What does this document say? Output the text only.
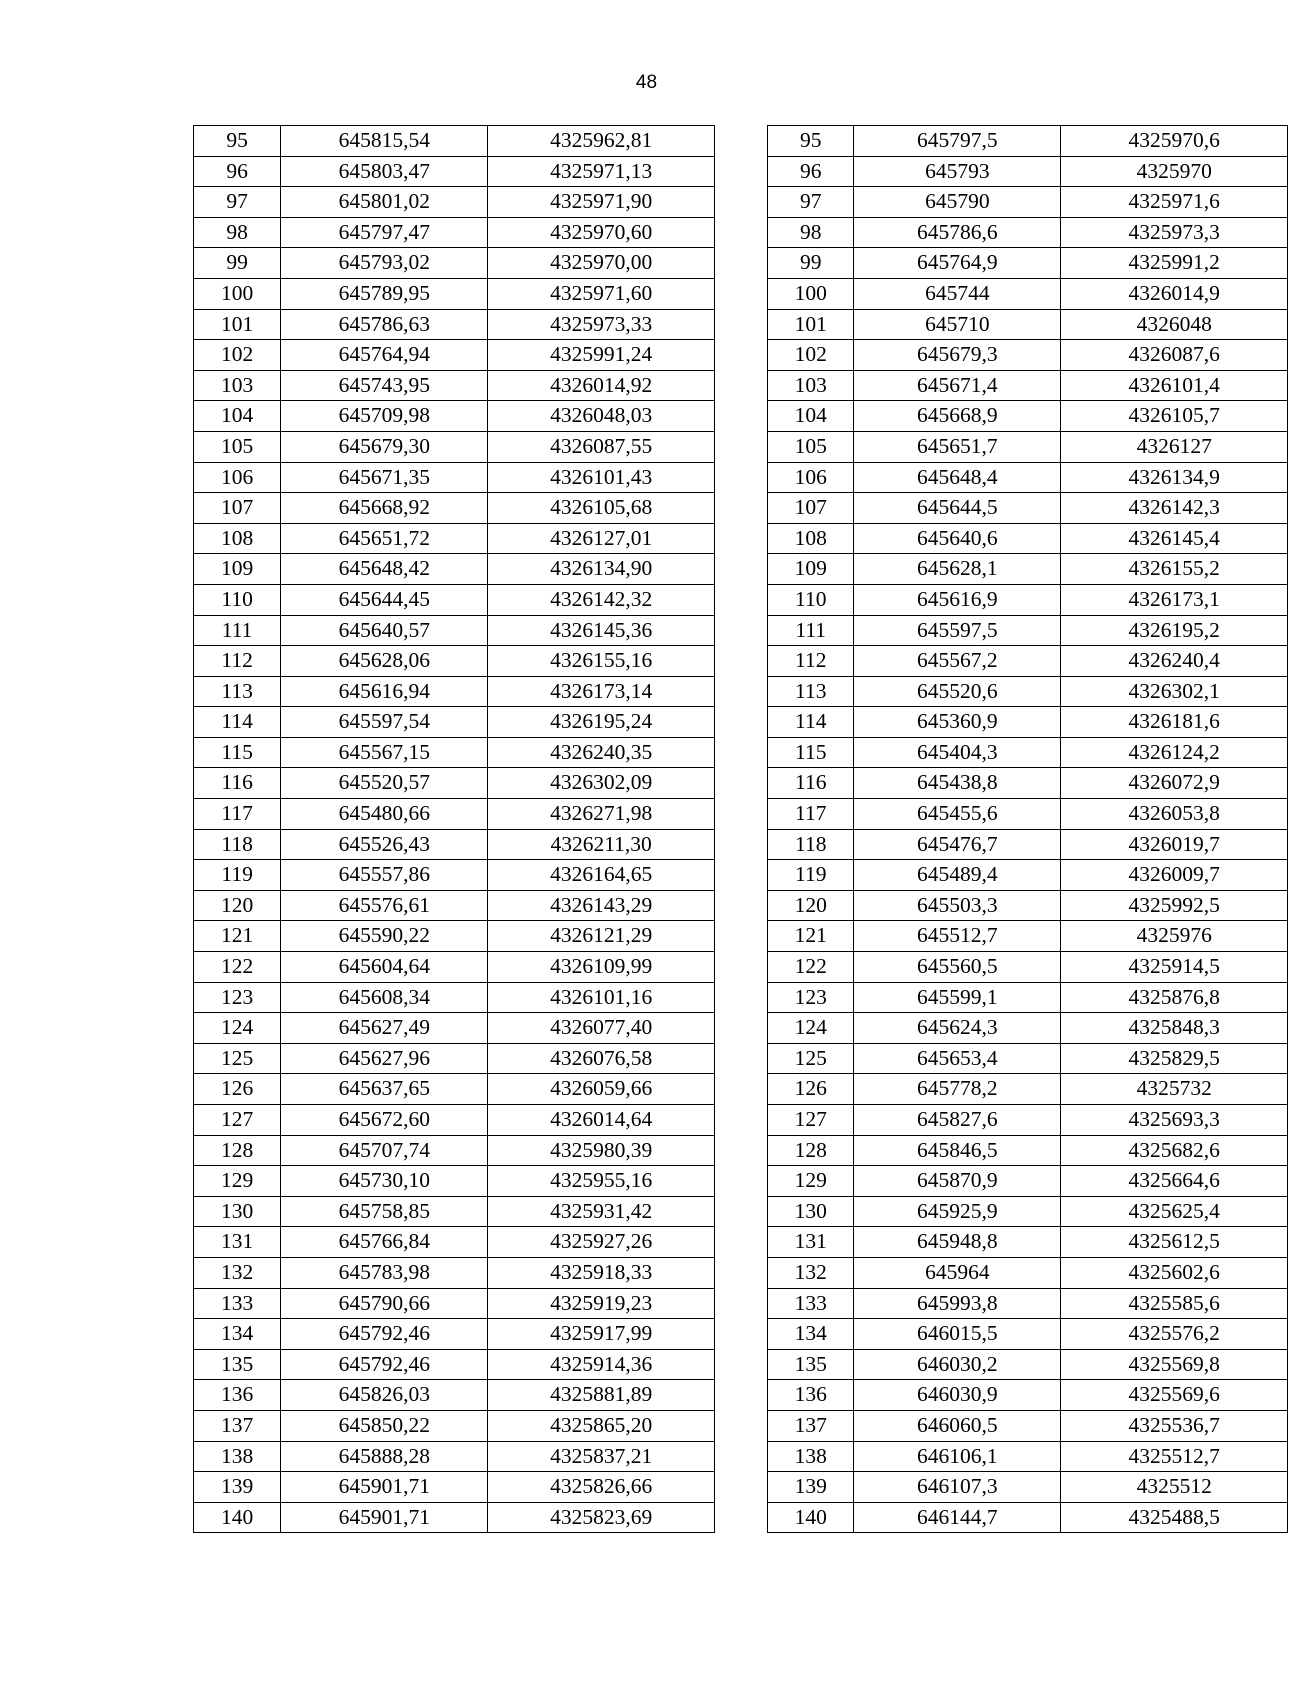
48
95	645815,54	4325962,81		95	645797,5	4325970,6
96	645803,47	4325971,13		96	645793	4325970
97	645801,02	4325971,90		97	645790	4325971,6
98	645797,47	4325970,60		98	645786,6	4325973,3
99	645793,02	4325970,00		99	645764,9	4325991,2
100	645789,95	4325971,60		100	645744	4326014,9
101	645786,63	4325973,33		101	645710	4326048
102	645764,94	4325991,24		102	645679,3	4326087,6
103	645743,95	4326014,92		103	645671,4	4326101,4
104	645709,98	4326048,03		104	645668,9	4326105,7
105	645679,30	4326087,55		105	645651,7	4326127
106	645671,35	4326101,43		106	645648,4	4326134,9
107	645668,92	4326105,68		107	645644,5	4326142,3
108	645651,72	4326127,01		108	645640,6	4326145,4
109	645648,42	4326134,90		109	645628,1	4326155,2
110	645644,45	4326142,32		110	645616,9	4326173,1
111	645640,57	4326145,36		111	645597,5	4326195,2
112	645628,06	4326155,16		112	645567,2	4326240,4
113	645616,94	4326173,14		113	645520,6	4326302,1
114	645597,54	4326195,24		114	645360,9	4326181,6
115	645567,15	4326240,35		115	645404,3	4326124,2
116	645520,57	4326302,09		116	645438,8	4326072,9
117	645480,66	4326271,98		117	645455,6	4326053,8
118	645526,43	4326211,30		118	645476,7	4326019,7
119	645557,86	4326164,65		119	645489,4	4326009,7
120	645576,61	4326143,29		120	645503,3	4325992,5
121	645590,22	4326121,29		121	645512,7	4325976
122	645604,64	4326109,99		122	645560,5	4325914,5
123	645608,34	4326101,16		123	645599,1	4325876,8
124	645627,49	4326077,40		124	645624,3	4325848,3
125	645627,96	4326076,58		125	645653,4	4325829,5
126	645637,65	4326059,66		126	645778,2	4325732
127	645672,60	4326014,64		127	645827,6	4325693,3
128	645707,74	4325980,39		128	645846,5	4325682,6
129	645730,10	4325955,16		129	645870,9	4325664,6
130	645758,85	4325931,42		130	645925,9	4325625,4
131	645766,84	4325927,26		131	645948,8	4325612,5
132	645783,98	4325918,33		132	645964	4325602,6
133	645790,66	4325919,23		133	645993,8	4325585,6
134	645792,46	4325917,99		134	646015,5	4325576,2
135	645792,46	4325914,36		135	646030,2	4325569,8
136	645826,03	4325881,89		136	646030,9	4325569,6
137	645850,22	4325865,20		137	646060,5	4325536,7
138	645888,28	4325837,21		138	646106,1	4325512,7
139	645901,71	4325826,66		139	646107,3	4325512
140	645901,71	4325823,69		140	646144,7	4325488,5
